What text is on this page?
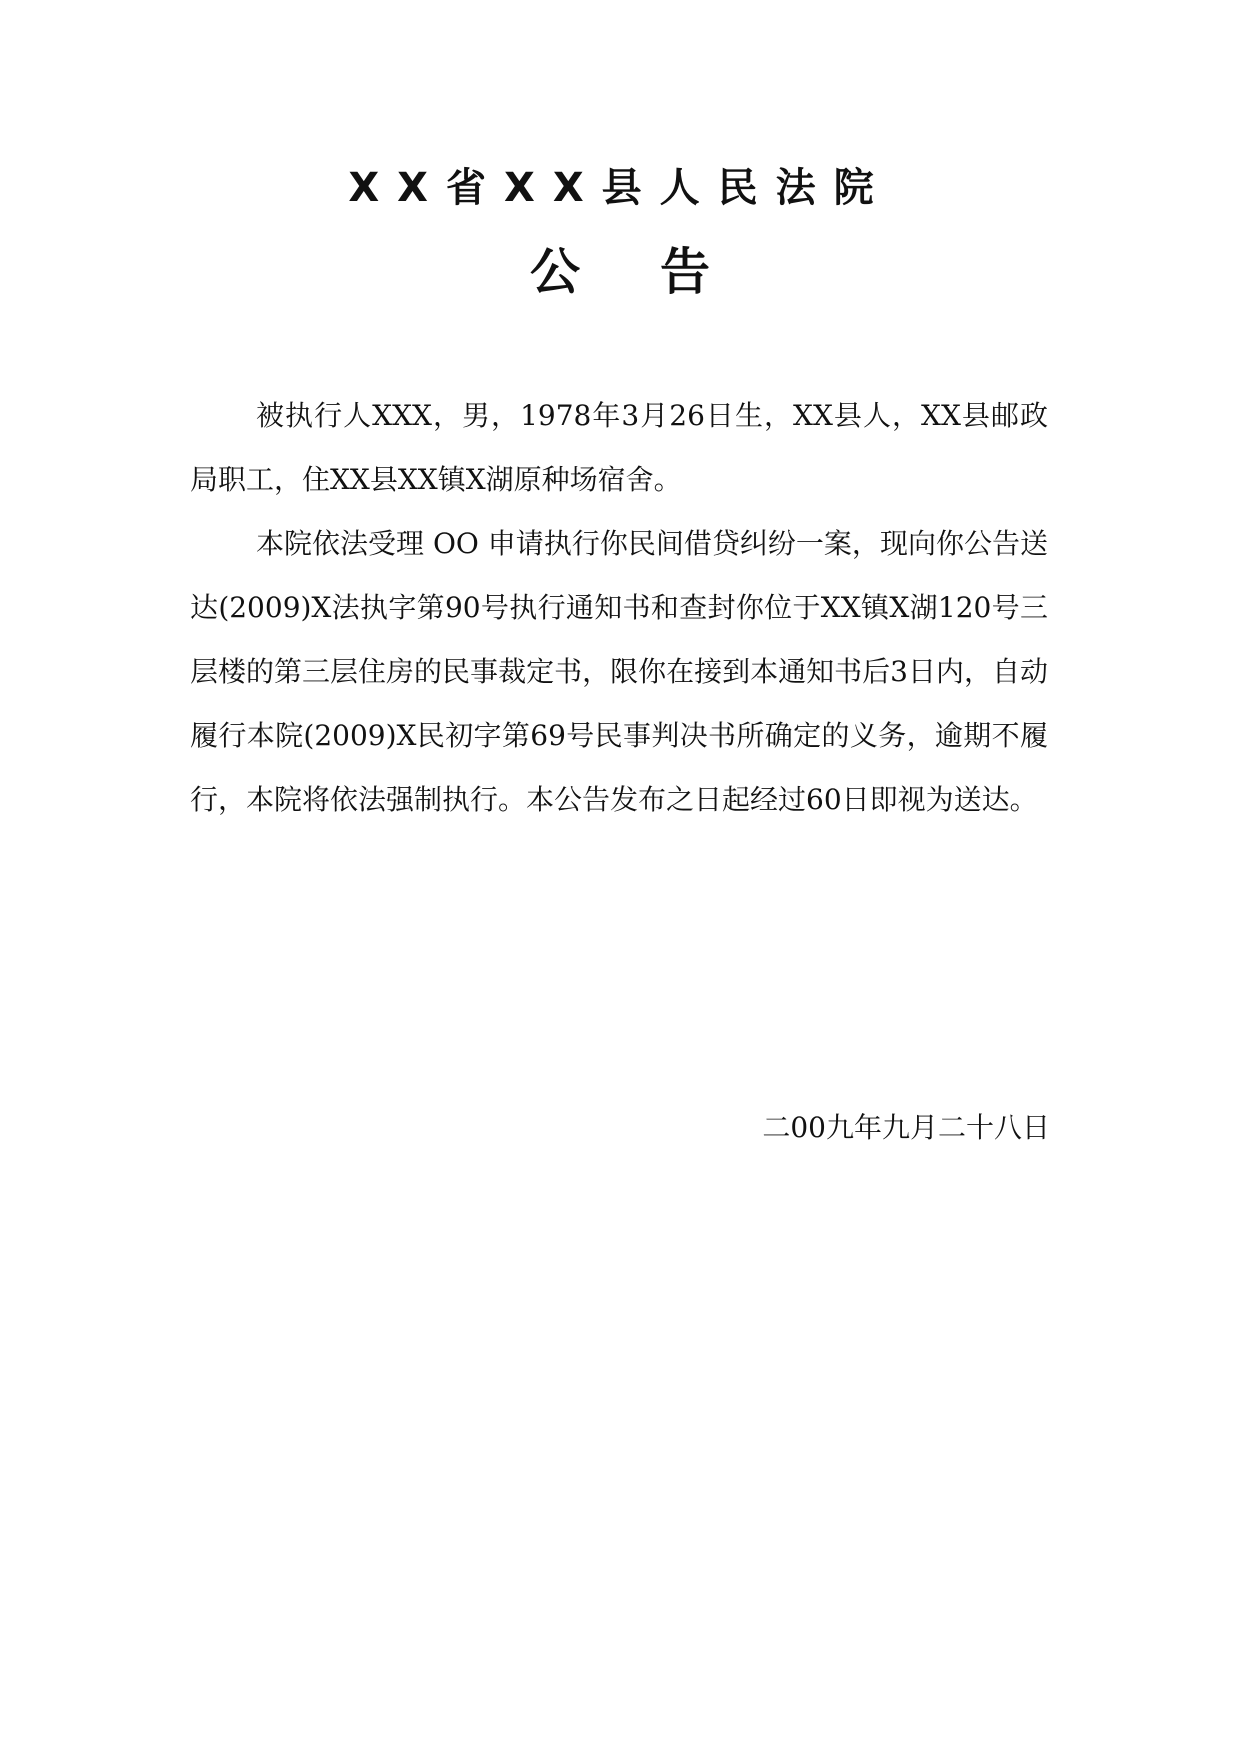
XX省XX县人民法院
公告

被执行人XXX，男，1978年3月26日生，XX县人，XX县邮政局职工，住XX县XX镇X湖原种场宿舍。

本院依法受理 OO 申请执行你民间借贷纠纷一案，现向你公告送达(2009)X法执字第90号执行通知书和查封你位于XX镇X湖120号三层楼的第三层住房的民事裁定书，限你在接到本通知书后3日内，自动履行本院(2009)X民初字第69号民事判决书所确定的义务，逾期不履行，本院将依法强制执行。本公告发布之日起经过60日即视为送达。

二00九年九月二十八日
